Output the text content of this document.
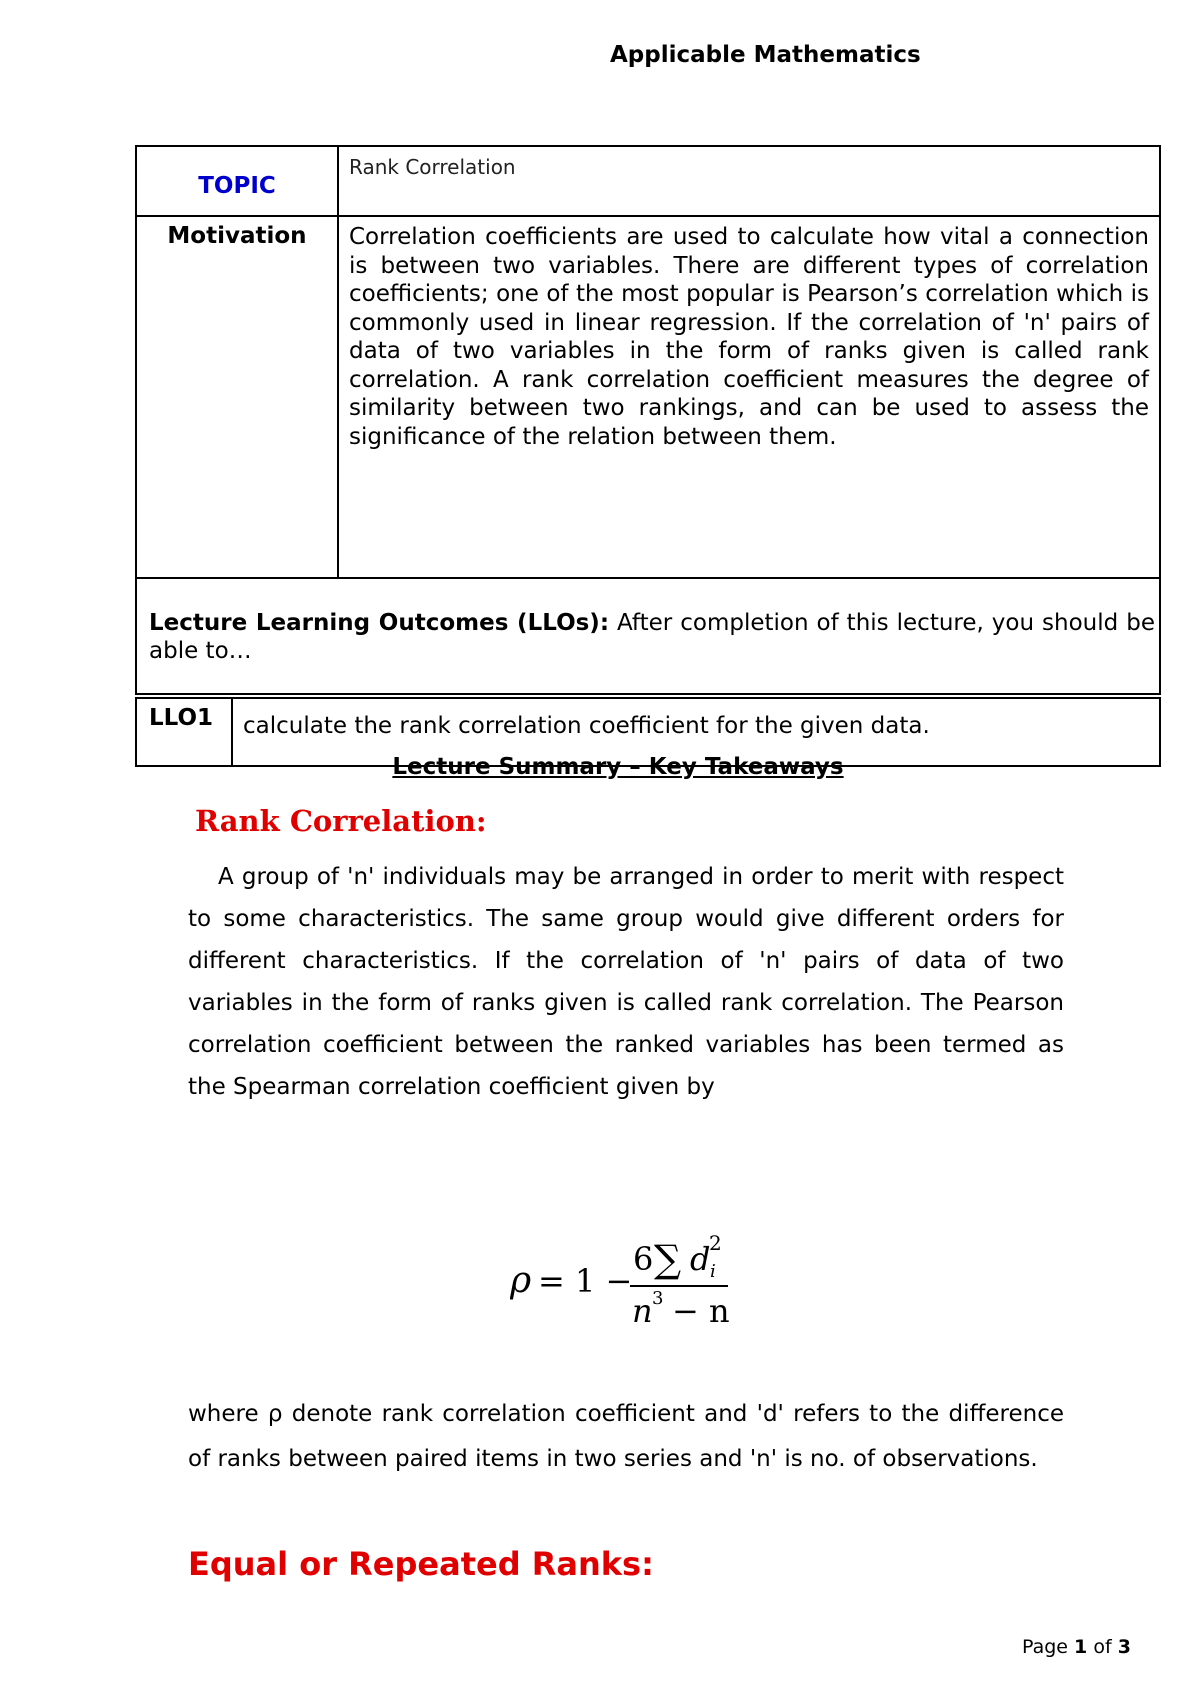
Applicable Mathematics
TOPIC	Rank Correlation
Motivation	Correlation coefficients are used to calculate how vital a connection is between two variables. There are different types of correlation coefficients; one of the most popular is Pearson’s correlation which is commonly used in linear regression. If the correlation of 'n' pairs of data of two variables in the form of ranks given is called rank correlation. A rank correlation coefficient measures the degree of similarity between two rankings, and can be used to assess the significance of the relation between them.
Lecture Learning Outcomes (LLOs): After completion of this lecture, you should be able to…	
LLO1	calculate the rank correlation coefficient for the given data.
Lecture Summary – Key Takeaways
Rank Correlation:
A group of 'n' individuals may be arranged in order to merit with respect to some characteristics. The same group would give different orders for different characteristics. If the correlation of 'n' pairs of data of two variables in the form of ranks given is called rank correlation. The Pearson correlation coefficient between the ranked variables has been termed as the Spearman correlation coefficient given by
ρ = 1 −
6 ∑ d
2
i
n 3 − n
where ρ denote rank correlation coefficient and 'd' refers to the difference of ranks between paired items in two series and 'n' is no. of observations.
Equal or Repeated Ranks:
Page 1 of 3
